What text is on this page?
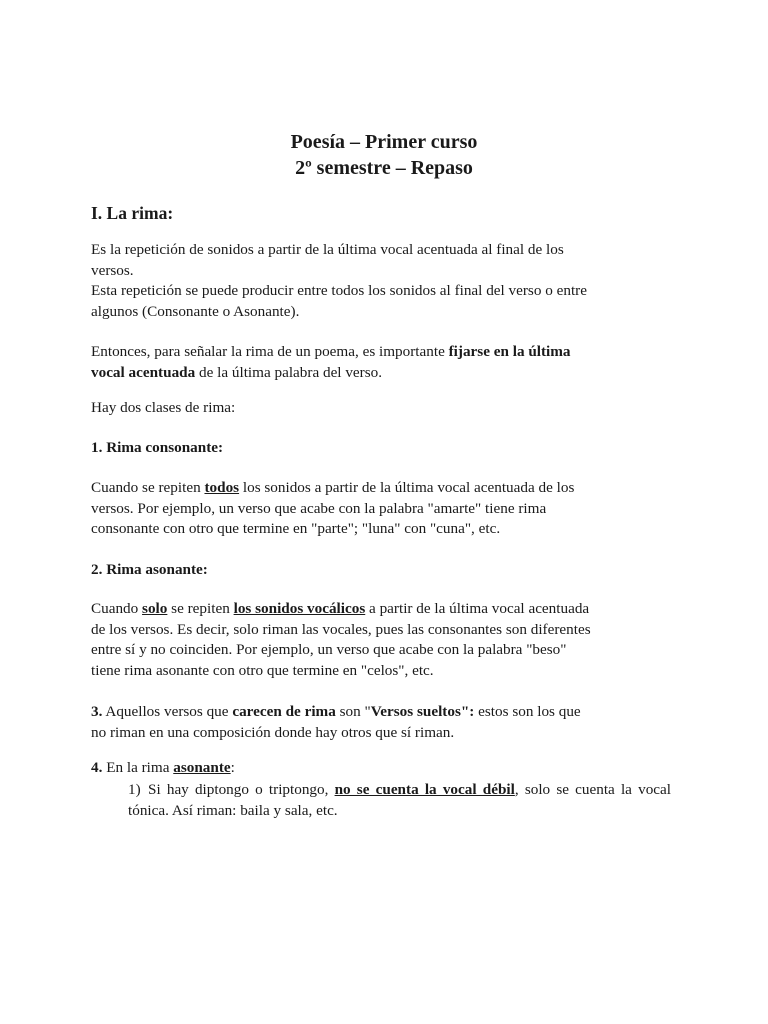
Poesía – Primer curso
2º semestre – Repaso
I. La rima:
Es la repetición de sonidos a partir de la última vocal acentuada al final de los
versos.
Esta repetición se puede producir entre todos los sonidos al final del verso o entre
algunos (Consonante o Asonante).
Entonces, para señalar la rima de un poema, es importante fijarse en la última
vocal acentuada de la última palabra del verso.
Hay dos clases de rima:
1. Rima consonante:
Cuando se repiten todos los sonidos a partir de la última vocal acentuada de los
versos. Por ejemplo, un verso que acabe con la palabra "amarte" tiene rima
consonante con otro que termine en "parte"; "luna" con "cuna", etc.
2. Rima asonante:
Cuando solo se repiten los sonidos vocálicos a partir de la última vocal acentuada
de los versos. Es decir, solo riman las vocales, pues las consonantes son diferentes
entre sí y no coinciden. Por ejemplo, un verso que acabe con la palabra "beso"
tiene rima asonante con otro que termine en "celos", etc.
3. Aquellos versos que carecen de rima son "Versos sueltos": estos son los que
no riman en una composición donde hay otros que sí riman.
4. En la rima asonante:
1) Si hay diptongo o triptongo, no se cuenta la vocal débil, solo se cuenta la vocal tónica. Así riman: baila y sala, etc.
